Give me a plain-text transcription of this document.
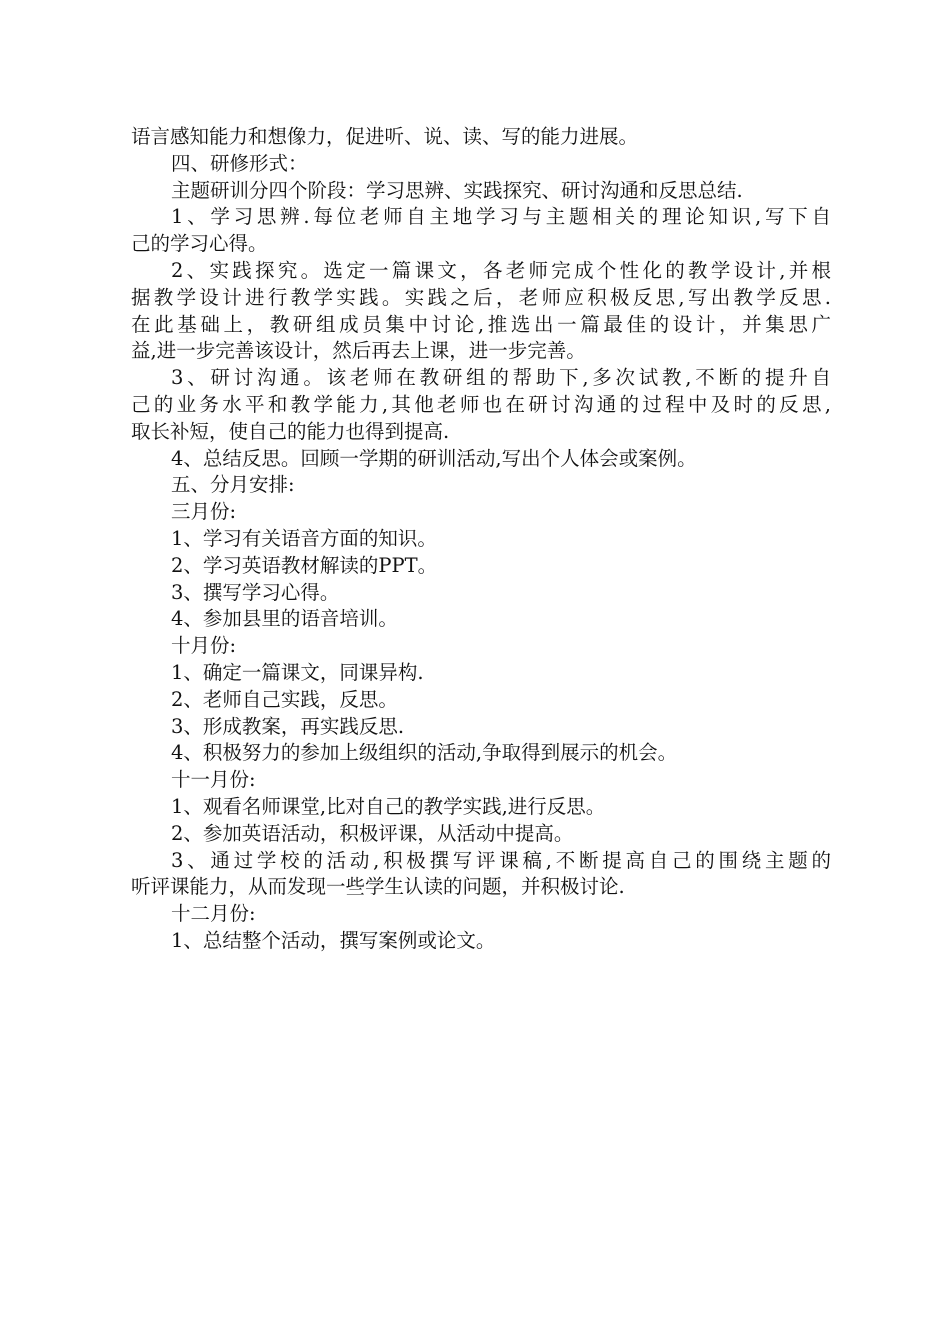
语言感知能力和想像力，促进听、说、读、写的能力进展。

四、研修形式：

主题研训分四个阶段：学习思辨、实践探究、研讨沟通和反思总结.

1、学习思辨.每位老师自主地学习与主题相关的理论知识,写下自

己的学习心得。

2、实践探究。选定一篇课文，各老师完成个性化的教学设计,并根

据教学设计进行教学实践。实践之后，老师应积极反思,写出教学反思.

在此基础上，教研组成员集中讨论,推选出一篇最佳的设计，并集思广

益,进一步完善该设计，然后再去上课，进一步完善。

3、研讨沟通。该老师在教研组的帮助下,多次试教,不断的提升自

己的业务水平和教学能力,其他老师也在研讨沟通的过程中及时的反思,

取长补短，使自己的能力也得到提高.

4、总结反思。回顾一学期的研训活动,写出个人体会或案例。

五、分月安排:

三月份:

1、学习有关语音方面的知识。

2、学习英语教材解读的PPT。

3、撰写学习心得。

4、参加县里的语音培训。

十月份:

1、确定一篇课文，同课异构.

2、老师自己实践，反思。

3、形成教案，再实践反思.

4、积极努力的参加上级组织的活动,争取得到展示的机会。

十一月份:

1、观看名师课堂,比对自己的教学实践,进行反思。

2、参加英语活动，积极评课，从活动中提高。

3、通过学校的活动,积极撰写评课稿,不断提高自己的围绕主题的

听评课能力，从而发现一些学生认读的问题，并积极讨论.

十二月份:

1、总结整个活动，撰写案例或论文。
